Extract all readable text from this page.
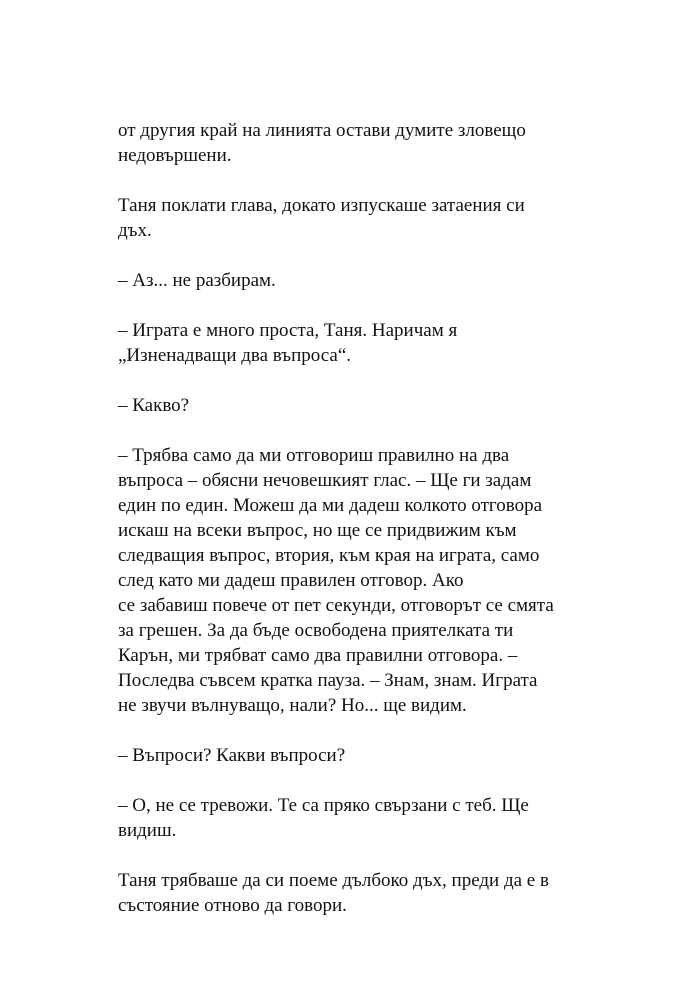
от другия край на линията остави думите зловещо
недовършени.

Таня поклати глава, докато изпускаше затаения си
дъх.

– Аз... не разбирам.

– Играта е много проста, Таня. Наричам я
„Изненадващи два въпроса“.

– Какво?

– Трябва само да ми отговориш правилно на два
въпроса – обясни нечовешкият глас. – Ще ги задам
един по един. Можеш да ми дадеш колкото отговора
искаш на всеки въпрос, но ще се придвижим към
следващия въпрос, втория, към края на играта, само
след като ми дадеш правилен отговор. Ако
се забавиш повече от пет секунди, отговорът се смята
за грешен. За да бъде освободена приятелката ти
Карън, ми трябват само два правилни отговора. –
Последва съвсем кратка пауза. – Знам, знам. Играта
не звучи вълнуващо, нали? Но... ще видим.

– Въпроси? Какви въпроси?

– О, не се тревожи. Те са пряко свързани с теб. Ще
видиш.

Таня трябваше да си поеме дълбоко дъх, преди да е в
състояние отново да говори.
